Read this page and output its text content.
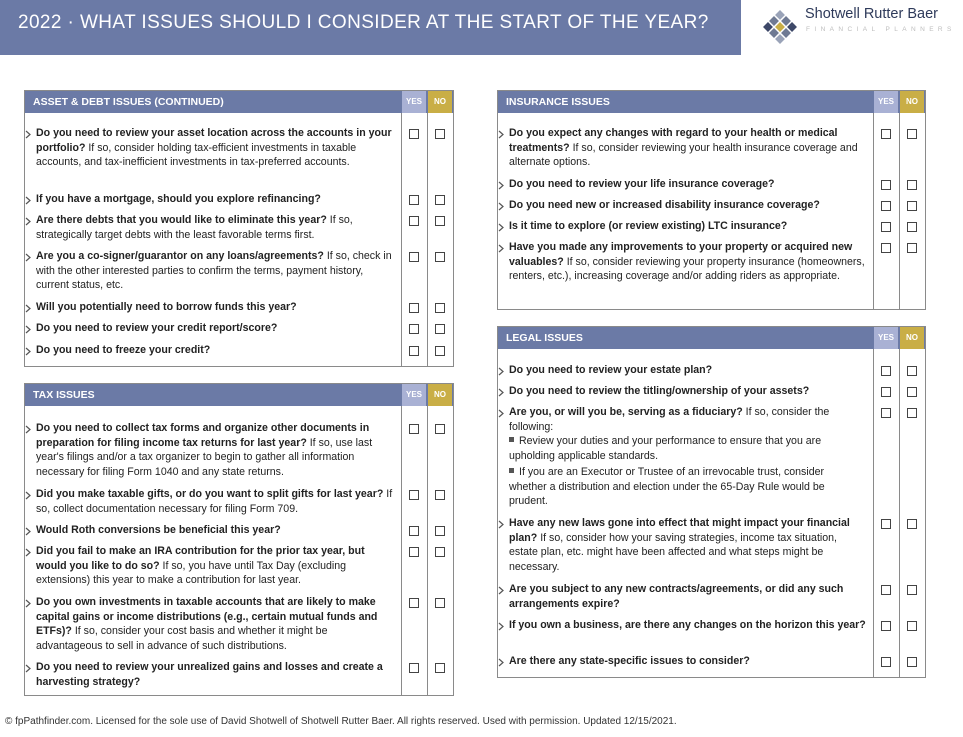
2022 · WHAT ISSUES SHOULD I CONSIDER AT THE START OF THE YEAR?	Shotwell Rutter Baer
FINANCIAL PLANNERS
ASSET & DEBT ISSUES (CONTINUED)	YES	NO
Do you need to review your asset location across the accounts in your portfolio? If so, consider holding tax-efficient investments in taxable accounts, and tax-inefficient investments in tax-preferred accounts.
If you have a mortgage, should you explore refinancing?
Are there debts that you would like to eliminate this year? If so, strategically target debts with the least favorable terms first.
Are you a co-signer/guarantor on any loans/agreements? If so, check in with the other interested parties to confirm the terms, payment history, current status, etc.
Will you potentially need to borrow funds this year?
Do you need to review your credit report/score?
Do you need to freeze your credit?
TAX ISSUES	YES	NO
Do you need to collect tax forms and organize other documents in preparation for filing income tax returns for last year? If so, use last year's filings and/or a tax organizer to begin to gather all information necessary for filing Form 1040 and any state returns.
Did you make taxable gifts, or do you want to split gifts for last year? If so, collect documentation necessary for filing Form 709.
Would Roth conversions be beneficial this year?
Did you fail to make an IRA contribution for the prior tax year, but would you like to do so? If so, you have until Tax Day (excluding extensions) this year to make a contribution for last year.
Do you own investments in taxable accounts that are likely to make capital gains or income distributions (e.g., certain mutual funds and ETFs)? If so, consider your cost basis and whether it might be advantageous to sell in advance of such distributions.
Do you need to review your unrealized gains and losses and create a harvesting strategy?
INSURANCE ISSUES	YES	NO
Do you expect any changes with regard to your health or medical treatments? If so, consider reviewing your health insurance coverage and alternate options.
Do you need to review your life insurance coverage?
Do you need new or increased disability insurance coverage?
Is it time to explore (or review existing) LTC insurance?
Have you made any improvements to your property or acquired new valuables? If so, consider reviewing your property insurance (homeowners, renters, etc.), increasing coverage and/or adding riders as appropriate.
LEGAL ISSUES	YES	NO
Do you need to review your estate plan?
Do you need to review the titling/ownership of your assets?
Are you, or will you be, serving as a fiduciary? If so, consider the following:
Review your duties and your performance to ensure that you are upholding applicable standards.
If you are an Executor or Trustee of an irrevocable trust, consider whether a distribution and election under the 65-Day Rule would be prudent.
Have any new laws gone into effect that might impact your financial plan? If so, consider how your saving strategies, income tax situation, estate plan, etc. might have been affected and what steps might be necessary.
Are you subject to any new contracts/agreements, or did any such arrangements expire?
If you own a business, are there any changes on the horizon this year?
Are there any state-specific issues to consider?
© fpPathfinder.com. Licensed for the sole use of David Shotwell of Shotwell Rutter Baer. All rights reserved. Used with permission. Updated 12/15/2021.
